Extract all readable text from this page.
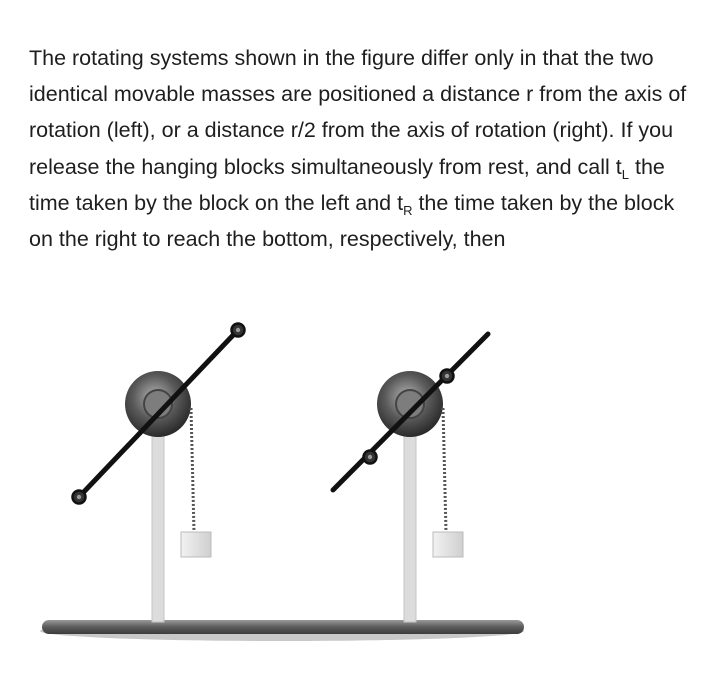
The rotating systems shown in the figure differ only in that the two identical movable masses are positioned a distance r from the axis of rotation (left), or a distance r/2 from the axis of rotation (right). If you release the hanging blocks simultaneously from rest, and call $t_L$ the time taken by the block on the left and $t_R$ the time taken by the block on the right to reach the bottom, respectively, then
